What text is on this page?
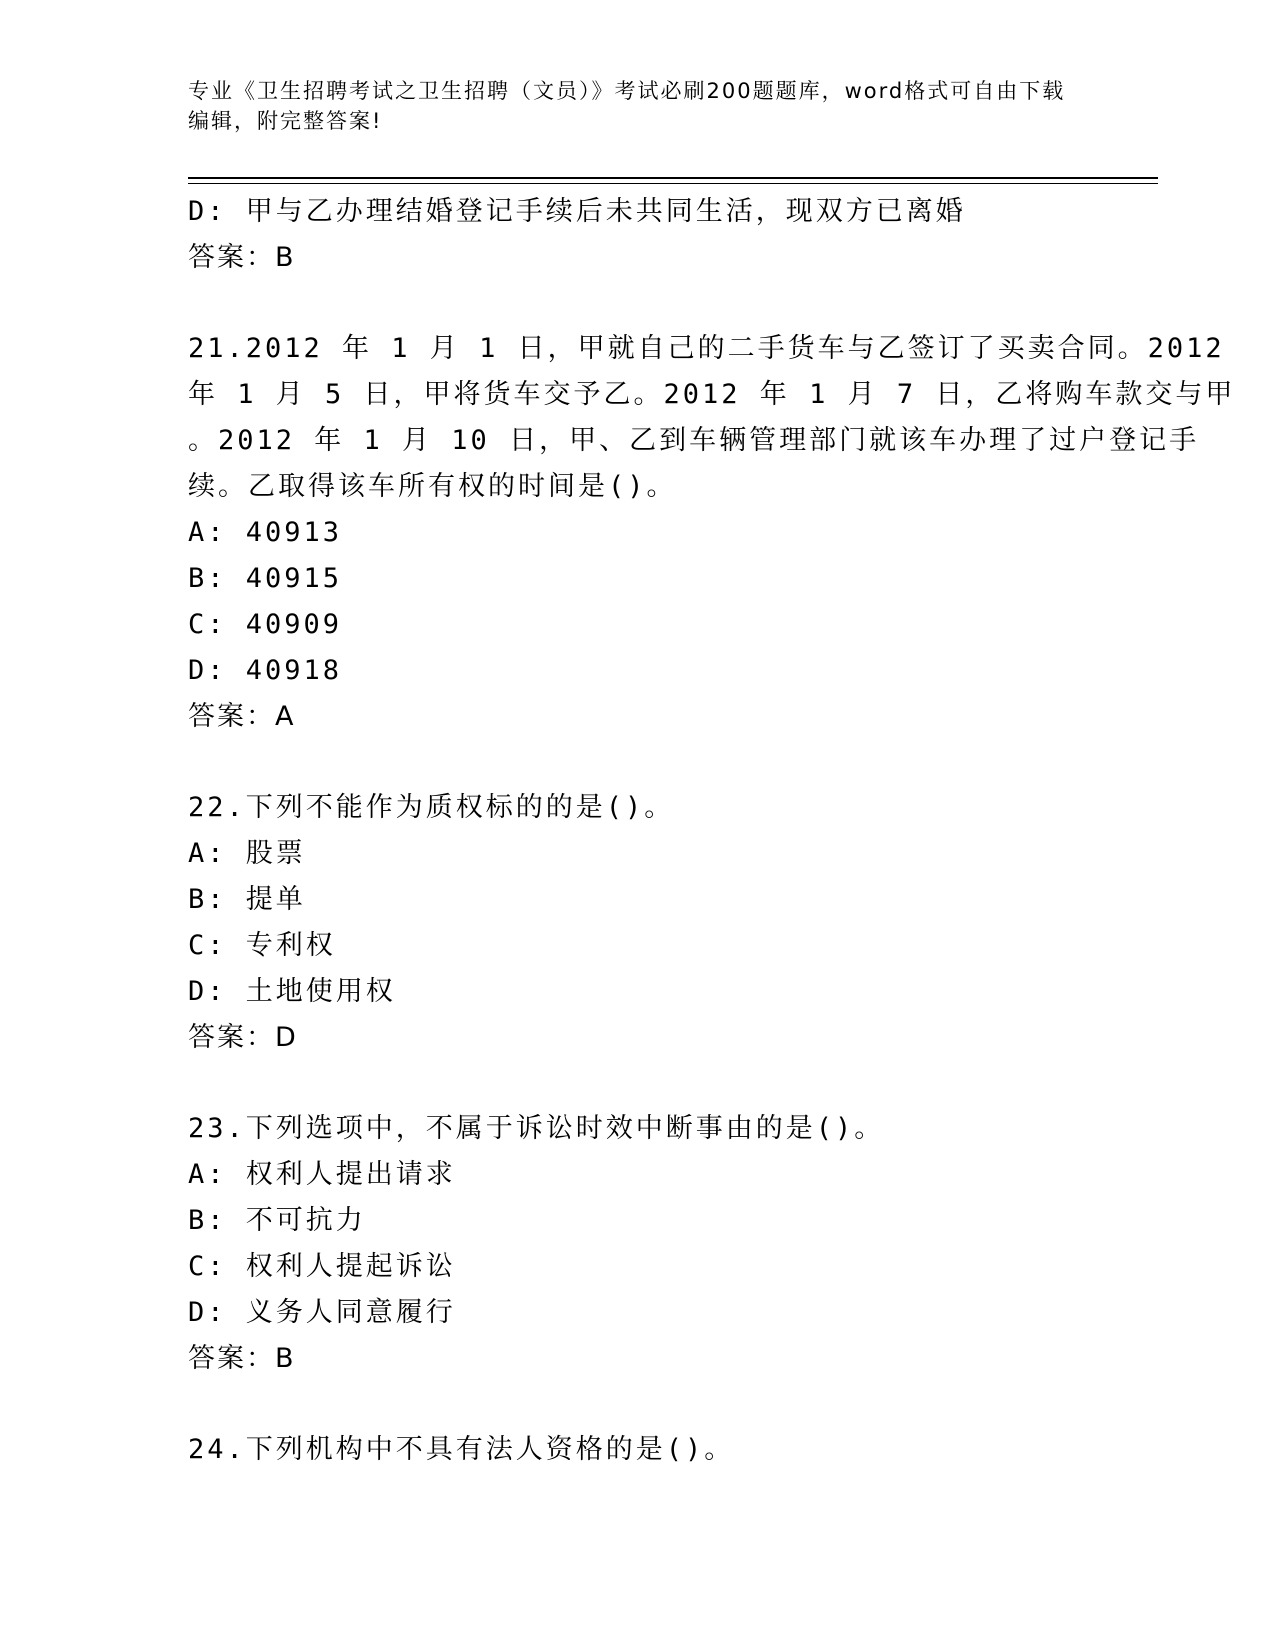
专业《卫生招聘考试之卫生招聘（文员）》考试必刷200题题库，word格式可自由下载编辑，附完整答案!
D: 甲与乙办理结婚登记手续后未共同生活，现双方已离婚
答案：B
21.2012 年 1 月 1 日，甲就自己的二手货车与乙签订了买卖合同。2012
年 1 月 5 日，甲将货车交予乙。2012 年 1 月 7 日，乙将购车款交与甲
。2012 年 1 月 10 日，甲、乙到车辆管理部门就该车办理了过户登记手
续。乙取得该车所有权的时间是()。
A: 40913
B: 40915
C: 40909
D: 40918
答案：A
22.下列不能作为质权标的的是()。
A: 股票
B: 提单
C: 专利权
D: 土地使用权
答案：D
23.下列选项中，不属于诉讼时效中断事由的是()。
A: 权利人提出请求
B: 不可抗力
C: 权利人提起诉讼
D: 义务人同意履行
答案：B
24.下列机构中不具有法人资格的是()。
